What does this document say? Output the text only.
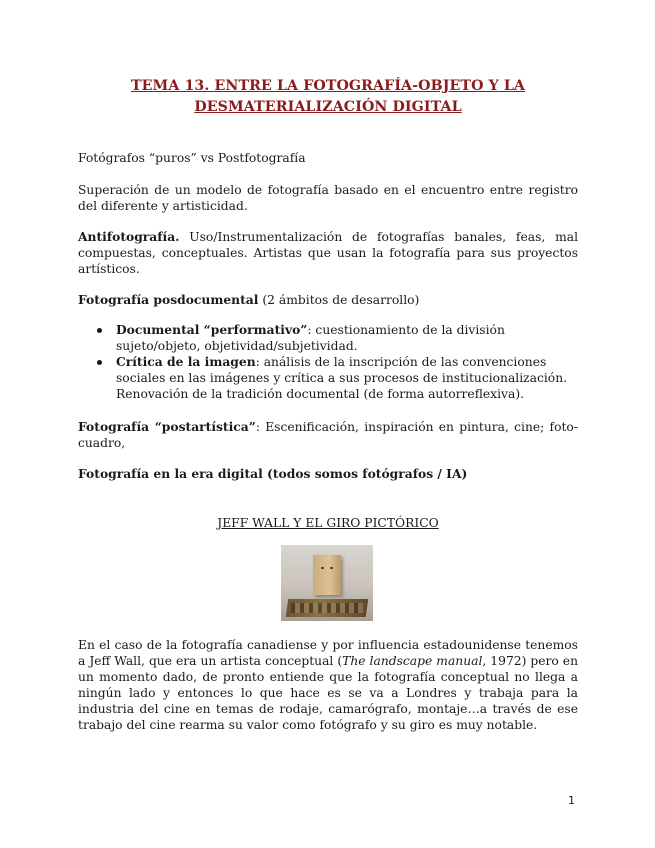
TEMA 13. ENTRE LA FOTOGRAFÍA-OBJETO Y LA
DESMATERIALIZACIÓN DIGITAL

Fotógrafos “puros” vs Postfotografía

Superación de un modelo de fotografía basado en el encuentro entre registro del diferente y artisticidad.

Antifotografía. Uso/Instrumentalización de fotografías banales, feas, mal compuestas, conceptuales. Artistas que usan la fotografía para sus proyectos artísticos.

Fotografía posdocumental (2 ámbitos de desarrollo)

Documental “performativo”: cuestionamiento de la división sujeto/objeto, objetividad/subjetividad.
Crítica de la imagen: análisis de la inscripción de las convenciones sociales en las imágenes y crítica a sus procesos de institucionalización. Renovación de la tradición documental (de forma autorreflexiva).

Fotografía “postartística”: Escenificación, inspiración en pintura, cine; foto-cuadro,

Fotografía en la era digital (todos somos fotógrafos / IA)

JEFF WALL Y EL GIRO PICTÓRICO

En el caso de la fotografía canadiense y por influencia estadounidense tenemos a Jeff Wall, que era un artista conceptual (The landscape manual, 1972) pero en un momento dado, de pronto entiende que la fotografía conceptual no llega a ningún lado y entonces lo que hace es se va a Londres y trabaja para la industria del cine en temas de rodaje, camarógrafo, montaje…a través de ese trabajo del cine rearma su valor como fotógrafo y su giro es muy notable.

1
